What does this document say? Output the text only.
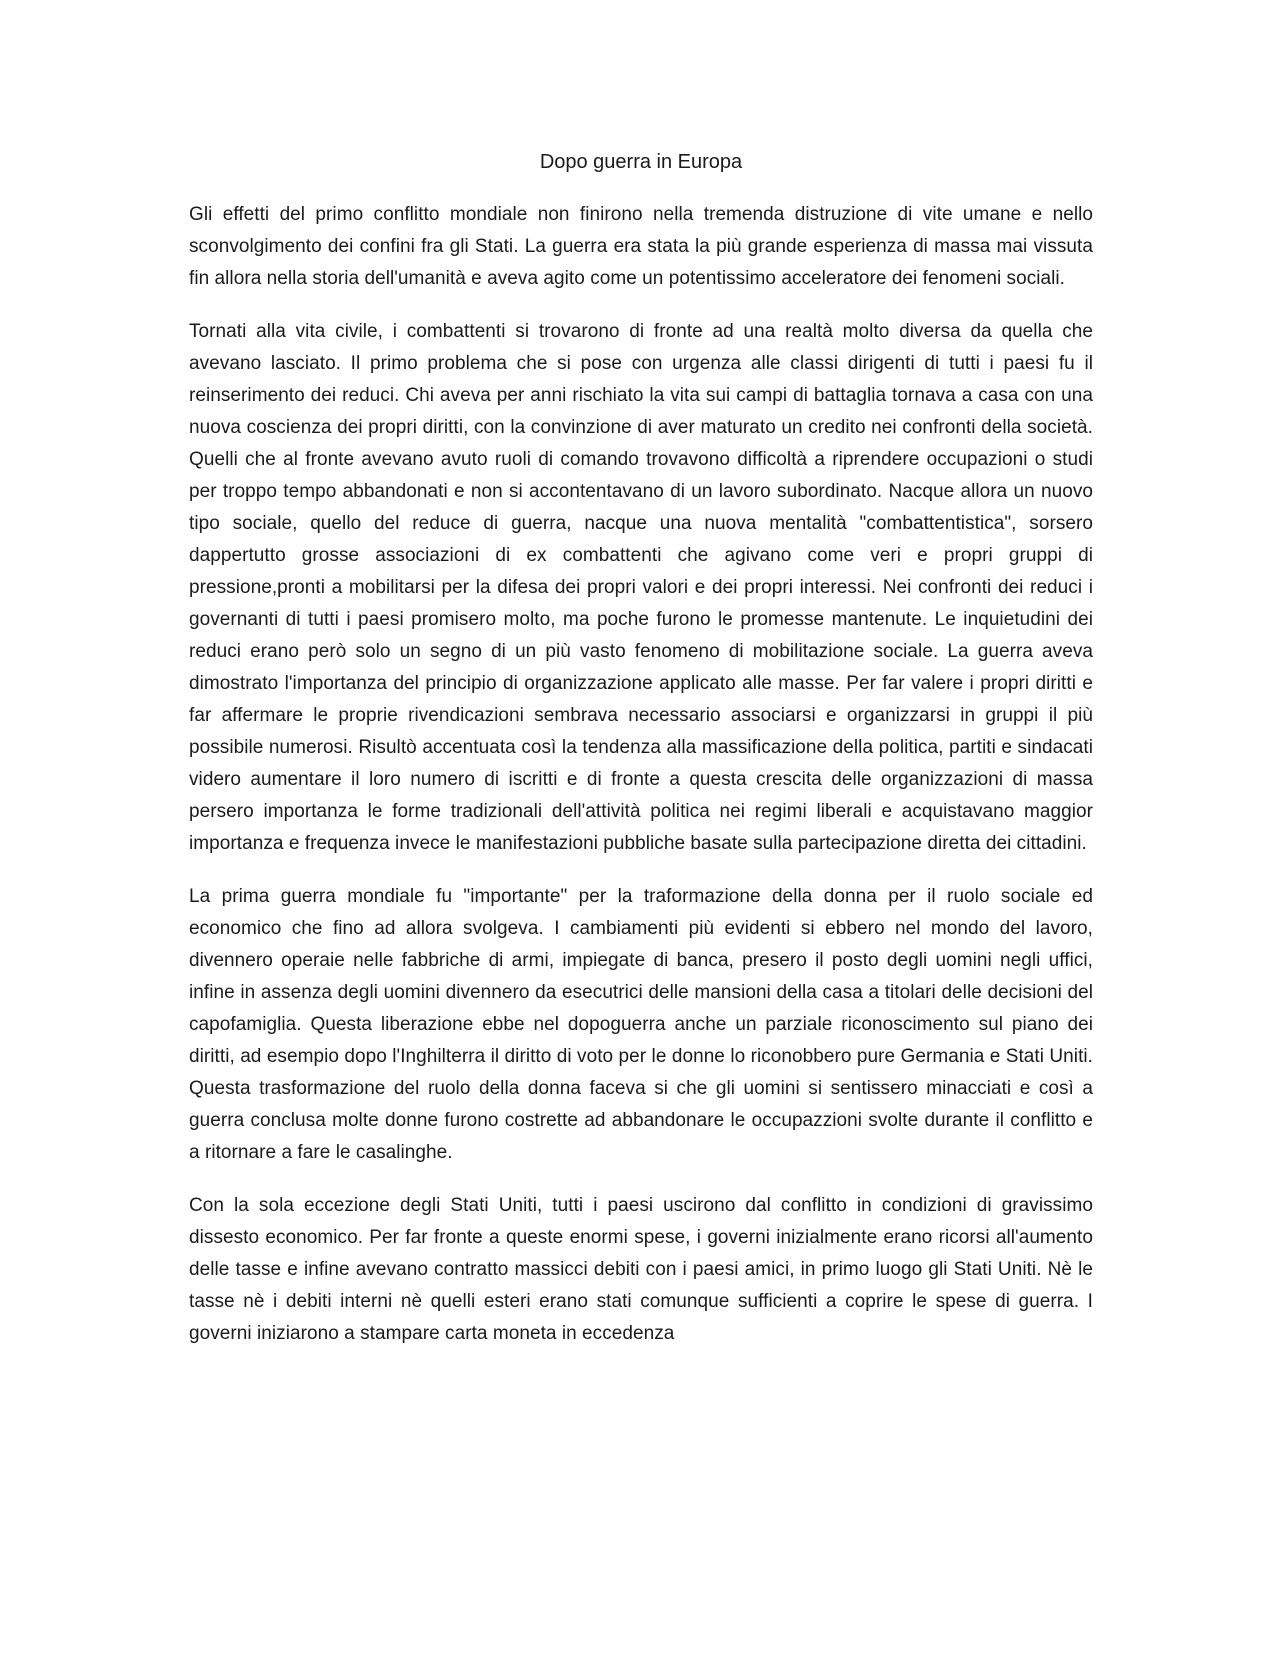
Dopo guerra in Europa

Gli effetti del primo conflitto mondiale non finirono nella tremenda distruzione di vite umane e nello sconvolgimento dei confini fra gli Stati. La guerra era stata la più grande esperienza di massa mai vissuta fin allora nella storia dell'umanità e aveva agito come un potentissimo acceleratore dei fenomeni sociali.

Tornati alla vita civile, i combattenti si trovarono di fronte ad una realtà molto diversa da quella che avevano lasciato. Il primo problema che si pose con urgenza alle classi dirigenti di tutti i paesi fu il reinserimento dei reduci. Chi aveva per anni rischiato la vita sui campi di battaglia tornava a casa con una nuova coscienza dei propri diritti, con la convinzione di aver maturato un credito nei confronti della società. Quelli che al fronte avevano avuto ruoli di comando trovavono difficoltà a riprendere occupazioni o studi per troppo tempo abbandonati e non si accontentavano di un lavoro subordinato. Nacque allora un nuovo tipo sociale, quello del reduce di guerra, nacque una nuova mentalità "combattentistica", sorsero dappertutto grosse associazioni di ex combattenti che agivano come veri e propri gruppi di pressione,pronti a mobilitarsi per la difesa dei propri valori e dei propri interessi. Nei confronti dei reduci i governanti di tutti i paesi promisero molto, ma poche furono le promesse mantenute. Le inquietudini dei reduci erano però solo un segno di un più vasto fenomeno di mobilitazione sociale. La guerra aveva dimostrato l'importanza del principio di organizzazione applicato alle masse. Per far valere i propri diritti e far affermare le proprie rivendicazioni sembrava necessario associarsi e organizzarsi in gruppi il più possibile numerosi. Risultò accentuata così la tendenza alla massificazione della politica, partiti e sindacati videro aumentare il loro numero di iscritti e di fronte a questa crescita delle organizzazioni di massa persero importanza le forme tradizionali dell'attività politica nei regimi liberali e acquistavano maggior importanza e frequenza invece le manifestazioni pubbliche basate sulla partecipazione diretta dei cittadini.

La prima guerra mondiale fu "importante" per la traformazione della donna per il ruolo sociale ed economico che fino ad allora svolgeva. I cambiamenti più evidenti si ebbero nel mondo del lavoro, divennero operaie nelle fabbriche di armi, impiegate di banca, presero il posto degli uomini negli uffici, infine in assenza degli uomini divennero da esecutrici delle mansioni della casa a titolari delle decisioni del capofamiglia. Questa liberazione ebbe nel dopoguerra anche un parziale riconoscimento sul piano dei diritti, ad esempio dopo l'Inghilterra il diritto di voto per le donne lo riconobbero pure Germania e Stati Uniti. Questa trasformazione del ruolo della donna faceva si che gli uomini si sentissero minacciati e così a guerra conclusa molte donne furono costrette ad abbandonare le occupazzioni svolte durante il conflitto e a ritornare a fare le casalinghe.

Con la sola eccezione degli Stati Uniti, tutti i paesi uscirono dal conflitto in condizioni di gravissimo dissesto economico. Per far fronte a queste enormi spese, i governi inizialmente erano ricorsi all'aumento delle tasse e infine avevano contratto massicci debiti con i paesi amici, in primo luogo gli Stati Uniti. Nè le tasse nè i debiti interni nè quelli esteri erano stati comunque sufficienti a coprire le spese di guerra. I governi iniziarono a stampare carta moneta in eccedenza
